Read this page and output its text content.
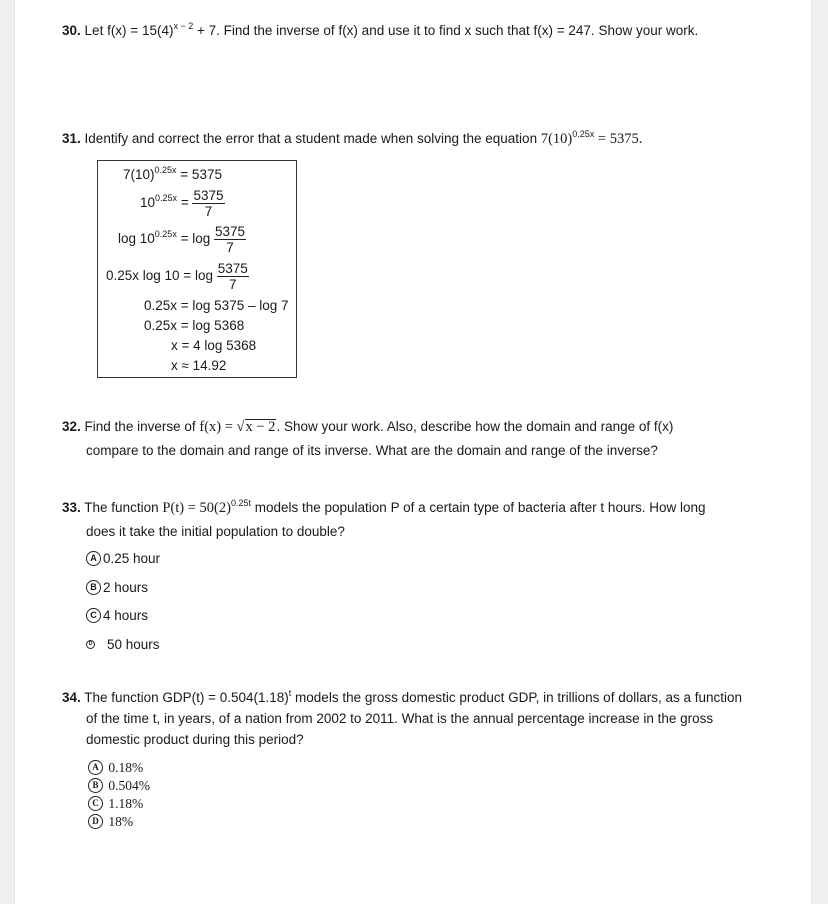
30. Let $f(x) = 15(4)^{x - 2} + 7$. Find the inverse of f(x) and use it to find x such that f(x) = 247. Show your work.
31. Identify and correct the error that a student made when solving the equation $7(10)^{0.25x} = 5375$.
$7(10)^{0.25x} = 5375$
$10^{0.25x} = \frac{5375}{7}$
$\log 10^{0.25x} = \log \frac{5375}{7}$
0.25x $\log 10 = \log \frac{5375}{7}$
0.25x = log 5375 – log 7
0.25x = log 5368
x = 4 log 5368
x ≈ 14.92
32. Find the inverse of f(x) = √x − 2. Show your work. Also, describe how the domain and range of f(x)
compare to the domain and range of its inverse. What are the domain and range of the inverse?
33. The function $P(t) = 50(2)^{0.25t}$ models the population P of a certain type of bacteria after t hours. How long
does it take the initial population to double?
A 0.25 hour
B 2 hours
C 4 hours
D 50 hours
34. The function $GDP(t) = 0.504(1.18)^t$ models the gross domestic product GDP, in trillions of dollars, as a function
of the time t, in years, of a nation from 2002 to 2011. What is the annual percentage increase in the gross
domestic product during this period?
A 0.18%
B 0.504%
C 1.18%
D 18%
